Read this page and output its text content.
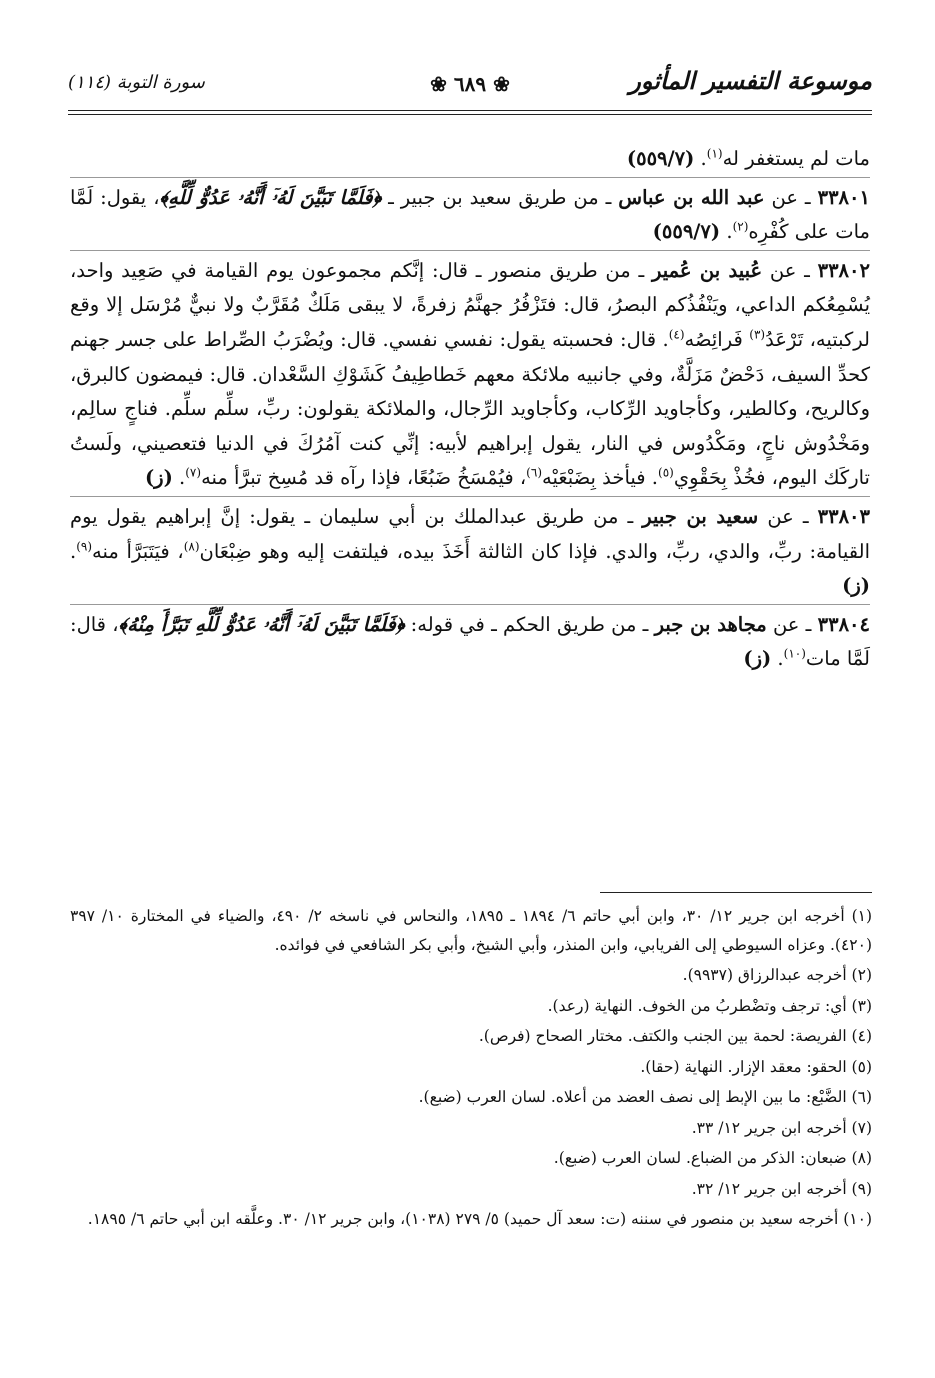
موسوعة التفسير المأثور
❀ ٦٨٩ ❀
سورة التوبة (١١٤)

مات لم يستغفر له$^{(١)}$. (٥٥٩/٧)

٣٣٨٠١ ـ عن عبد الله بن عباس ـ من طريق سعيد بن جبير ـ ﴿فَلَمَّا تَبَيَّنَ لَهُۥٓ أَنَّهُۥ عَدُوٌّ لِّلَّهِ﴾، يقول: لَمَّا مات على كُفْرِه$^{(٢)}$. (٥٥٩/٧)

٣٣٨٠٢ ـ عن عُبيد بن عُمير ـ من طريق منصور ـ قال: إنَّكم مجموعون يوم القيامة في صَعِيد واحد، يُسْمِعُكم الداعي، ويَنْفُذُكم البصرُ، قال: فتَزْفُرُ جهنَّمُ زفرةً، لا يبقى مَلَكٌ مُقَرَّبٌ ولا نبيٌّ مُرْسَل إلا وقع لركبتيه، تَرْعَدُ$^{(٣)}$ فَرائِصُه$^{(٤)}$. قال: فحسبته يقول: نفسي نفسي. قال: ويُضْرَبُ الصِّراط على جسر جهنم كحدِّ السيف، دَحْضٌ مَزَلَّةٌ، وفي جانبيه ملائكة معهم خَطاطِيفُ كَشَوْكِ السَّعْدان. قال: فيمضون كالبرق، وكالريح، وكالطير، وكأجاويد الرِّكاب، وكأجاويد الرِّجال، والملائكة يقولون: ربِّ، سلِّم سلِّم. فناجٍ سالِم، ومَخْدُوش ناجٍ، ومَكْدُوس في النار، يقول إبراهيم لأبيه: إنِّي كنت آمُرُكَ في الدنيا فتعصيني، ولَستُ تاركَك اليوم، فخُذْ بِحَقْوِي$^{(٥)}$. فيأخذ بِضَبْعَيْه$^{(٦)}$، فيُمْسَخُ ضَبُعًا، فإذا رآه قد مُسِخ تبرَّأ منه$^{(٧)}$. (ز)

٣٣٨٠٣ ـ عن سعيد بن جبير ـ من طريق عبدالملك بن أبي سليمان ـ يقول: إنَّ إبراهيم يقول يوم القيامة: ربِّ، والدي، ربِّ، والدي. فإذا كان الثالثة أَخَذَ بيده، فيلتفت إليه وهو ضِبْعَان$^{(٨)}$، فيَتَبَرَّأ منه$^{(٩)}$. (ز)

٣٣٨٠٤ ـ عن مجاهد بن جبر ـ من طريق الحكم ـ في قوله: ﴿فَلَمَّا تَبَيَّنَ لَهُۥٓ أَنَّهُۥ عَدُوٌّ لِّلَّهِ تَبَرَّأَ مِنْهُ﴾، قال: لَمَّا مات$^{(١٠)}$. (ز)

(١) أخرجه ابن جرير ١٢/ ٣٠، وابن أبي حاتم ٦/ ١٨٩٤ ـ ١٨٩٥، والنحاس في ناسخه ٢/ ٤٩٠، والضياء في المختارة ١٠/ ٣٩٧ (٤٢٠). وعزاه السيوطي إلى الفريابي، وابن المنذر، وأبي الشيخ، وأبي بكر الشافعي في فوائده.

(٢) أخرجه عبدالرزاق (٩٩٣٧).

(٣) أي: ترجف وتضْطربُ من الخوف. النهاية (رعد).

(٤) الفريصة: لحمة بين الجنب والكتف. مختار الصحاح (فرص).

(٥) الحقو: معقد الإزار. النهاية (حقا).

(٦) الضَّبْع: ما بين الإبط إلى نصف العضد من أعلاه. لسان العرب (ضبع).

(٧) أخرجه ابن جرير ١٢/ ٣٣.

(٨) ضبعان: الذكر من الضباع. لسان العرب (ضبع).

(٩) أخرجه ابن جرير ١٢/ ٣٢.

(١٠) أخرجه سعيد بن منصور في سننه (ت: سعد آل حميد) ٥/ ٢٧٩ (١٠٣٨)، وابن جرير ١٢/ ٣٠. وعلَّقه ابن أبي حاتم ٦/ ١٨٩٥.
